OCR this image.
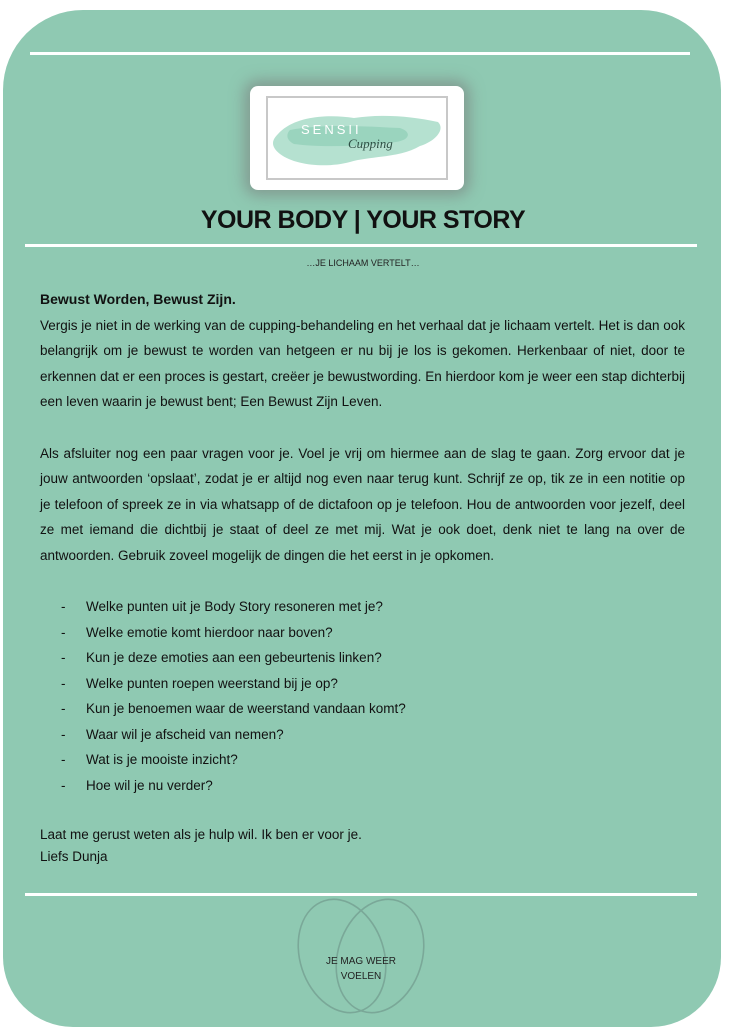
SENSII
Cupping
YOUR BODY | YOUR STORY
…JE LICHAAM VERTELT…

Bewust Worden, Bewust Zijn.

Vergis je niet in de werking van de cupping-behandeling en het verhaal dat je lichaam vertelt. Het is dan ook belangrijk om je bewust te worden van hetgeen er nu bij je los is gekomen. Herkenbaar of niet, door te erkennen dat er een proces is gestart, creëer je bewustwording. En hierdoor kom je weer een stap dichterbij een leven waarin je bewust bent; Een Bewust Zijn Leven.

Als afsluiter nog een paar vragen voor je. Voel je vrij om hiermee aan de slag te gaan. Zorg ervoor dat je jouw antwoorden ‘opslaat’, zodat je er altijd nog even naar terug kunt. Schrijf ze op, tik ze in een notitie op je telefoon of spreek ze in via whatsapp of de dictafoon op je telefoon. Hou de antwoorden voor jezelf, deel ze met iemand die dichtbij je staat of deel ze met mij. Wat je ook doet, denk niet te lang na over de antwoorden. Gebruik zoveel mogelijk de dingen die het eerst in je opkomen.

- Welke punten uit je Body Story resoneren met je?
- Welke emotie komt hierdoor naar boven?
- Kun je deze emoties aan een gebeurtenis linken?
- Welke punten roepen weerstand bij je op?
- Kun je benoemen waar de weerstand vandaan komt?
- Waar wil je afscheid van nemen?
- Wat is je mooiste inzicht?
- Hoe wil je nu verder?

Laat me gerust weten als je hulp wil. Ik ben er voor je.

Liefs Dunja

JE MAG WEER
VOELEN
